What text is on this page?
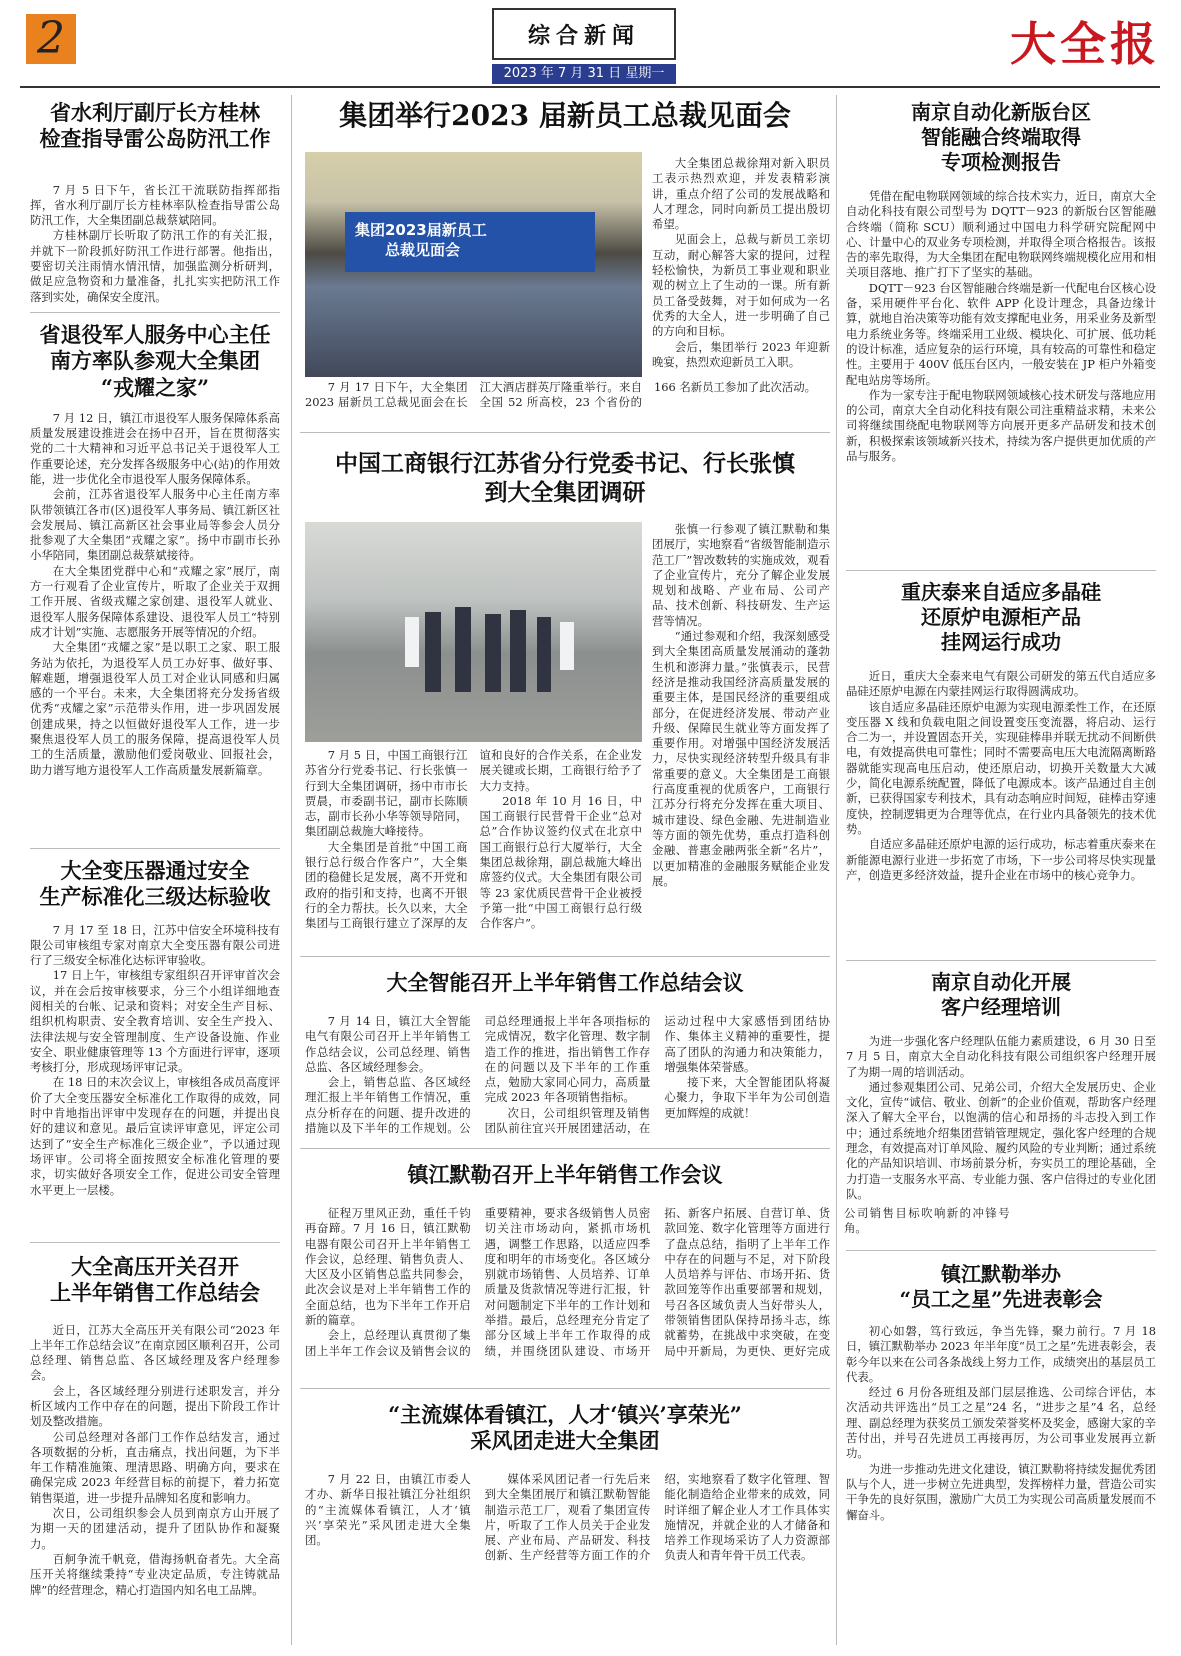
2	综合新闻
2023 年 7 月 31 日 星期一
大全报
省水利厅副厅长方桂林
检查指导雷公岛防汛工作

7 月 5 日下午，省长江干流联防指挥部指挥，省水利厅副厅长方桂林率队检查指导雷公岛防汛工作，大全集团副总裁蔡斌陪同。

方桂林副厅长听取了防汛工作的有关汇报，并就下一阶段抓好防汛工作进行部署。他指出，要密切关注雨情水情汛情，加强监测分析研判，做足应急物资和力量准备，扎扎实实把防汛工作落到实处，确保安全度汛。

省退役军人服务中心主任
南方率队参观大全集团
“戎耀之家”

7 月 12 日，镇江市退役军人服务保障体系高质量发展建设推进会在扬中召开，旨在贯彻落实党的二十大精神和习近平总书记关于退役军人工作重要论述，充分发挥各级服务中心(站)的作用效能，进一步优化全市退役军人服务保障体系。

会前，江苏省退役军人服务中心主任南方率队带领镇江各市(区)退役军人事务局、镇江新区社会发展局、镇江高新区社会事业局等参会人员分批参观了大全集团“戎耀之家”。扬中市副市长孙小华陪同，集团副总裁蔡斌接待。

在大全集团党群中心和“戎耀之家”展厅，南方一行观看了企业宣传片，听取了企业关于双拥工作开展、省级戎耀之家创建、退役军人就业、退役军人服务保障体系建设、退役军人员工“特别成才计划”实施、志愿服务开展等情况的介绍。

大全集团“戎耀之家”是以职工之家、职工服务站为依托，为退役军人员工办好事、做好事、解难题，增强退役军人员工对企业认同感和归属感的一个平台。未来，大全集团将充分发扬省级优秀“戎耀之家”示范带头作用，进一步巩固发展创建成果，持之以恒做好退役军人工作，进一步聚焦退役军人员工的服务保障，提高退役军人员工的生活质量，激励他们爱岗敬业、回报社会，助力谱写地方退役军人工作高质量发展新篇章。

大全变压器通过安全
生产标准化三级达标验收

7 月 17 至 18 日，江苏中信安全环境科技有限公司审核组专家对南京大全变压器有限公司进行了三级安全标准化达标评审验收。

17 日上午，审核组专家组织召开评审首次会议，并在会后按审核要求，分三个小组详细地查阅相关的台帐、记录和资料；对安全生产目标、组织机构职责、安全教育培训、安全生产投入、法律法规与安全管理制度、生产设备设施、作业安全、职业健康管理等 13 个方面进行评审，逐项考核打分，形成现场评审记录。

在 18 日的末次会议上，审核组各成员高度评价了大全变压器安全标准化工作取得的成效，同时中肯地指出评审中发现存在的问题，并提出良好的建议和意见。最后宣读评审意见，评定公司达到了“安全生产标准化三级企业”，予以通过现场评审。公司将全面按照安全标准化管理的要求，切实做好各项安全工作，促进公司安全管理水平更上一层楼。

大全高压开关召开
上半年销售工作总结会

近日，江苏大全高压开关有限公司“2023 年上半年工作总结会议”在南京园区顺利召开，公司总经理、销售总监、各区域经理及客户经理参会。

会上，各区域经理分别进行述职发言，并分析区域内工作中存在的问题，提出下阶段工作计划及整改措施。

公司总经理对各部门工作作总结发言，通过各项数据的分析，直击痛点，找出问题，为下半年工作精准施策、理清思路、明确方向，要求在确保完成 2023 年经营目标的前提下，着力拓宽销售渠道，进一步提升品牌知名度和影响力。

次日，公司组织参会人员到南京方山开展了为期一天的团建活动，提升了团队协作和凝聚力。

百舸争流千帆竞，借海扬帆奋者先。大全高压开关将继续秉持“专业决定品质，专注铸就品牌”的经营理念，精心打造国内知名电工品牌。

集团举行2023 届新员工总裁见面会
集团2023届新员工
总裁见面会

7 月 17 日下午，大全集团 2023 届新员工总裁见面会在长江大酒店群英厅隆重举行。来自全国 52 所高校，23 个省份的 166 名新员工参加了此次活动。

大全集团总裁徐翔对新入职员工表示热烈欢迎，并发表精彩演讲，重点介绍了公司的发展战略和人才理念，同时向新员工提出殷切希望。

见面会上，总裁与新员工亲切互动，耐心解答大家的提问，过程轻松愉快，为新员工事业观和职业观的树立上了生动的一课。所有新员工备受鼓舞，对于如何成为一名优秀的大全人，进一步明确了自己的方向和目标。

会后，集团举行 2023 年迎新晚宴，热烈欢迎新员工入职。

中国工商银行江苏省分行党委书记、行长张慎
到大全集团调研

7 月 5 日，中国工商银行江苏省分行党委书记、行长张慎一行到大全集团调研，扬中市市长贾晨，市委副书记，副市长陈顺志，副市长孙小华等领导陪同，集团副总裁施大峰接待。

大全集团是首批“中国工商银行总行级合作客户”，大全集团的稳健长足发展，离不开党和政府的指引和支持，也离不开银行的全力帮扶。长久以来，大全集团与工商银行建立了深厚的友谊和良好的合作关系，在企业发展关键或长期，工商银行给予了大力支持。

2018 年 10 月 16 日，中国工商银行民营骨干企业“总对总”合作协议签约仪式在北京中国工商银行总行大厦举行，大全集团总裁徐翔，副总裁施大峰出席签约仪式。大全集团有限公司等 23 家优质民营骨干企业被授予第一批“中国工商银行总行级合作客户”。

张慎一行参观了镇江默勒和集团展厅，实地察看“省级智能制造示范工厂”智改数转的实施成效，观看了企业宣传片，充分了解企业发展规划和战略、产业布局、公司产品、技术创新、科技研发、生产运营等情况。

“通过参观和介绍，我深刻感受到大全集团高质量发展涌动的蓬勃生机和澎湃力量。”张慎表示，民营经济是推动我国经济高质量发展的重要主体，是国民经济的重要组成部分，在促进经济发展、带动产业升级、保障民生就业等方面发挥了重要作用。对增强中国经济发展活力，尽快实现经济转型升级具有非常重要的意义。大全集团是工商银行高度重视的优质客户，工商银行江苏分行将充分发挥在重大项目、城市建设、绿色金融、先进制造业等方面的领先优势，重点打造科创金融、普惠金融两张全新“名片”，以更加精准的金融服务赋能企业发展。

大全智能召开上半年销售工作总结会议

7 月 14 日，镇江大全智能电气有限公司召开上半年销售工作总结会议，公司总经理、销售总监、各区域经理参会。

会上，销售总监、各区域经理汇报上半年销售工作情况，重点分析存在的问题、提升改进的措施以及下半年的工作规划。公司总经理通报上半年各项指标的完成情况，数字化管理、数字制造工作的推进，指出销售工作存在的问题以及下半年的工作重点，勉励大家同心同力，高质量完成 2023 年各项销售指标。

次日，公司组织管理及销售团队前往宜兴开展团建活动，在运动过程中大家感悟到团结协作、集体主义精神的重要性，提高了团队的沟通力和决策能力，增强集体荣誉感。

接下来，大全智能团队将凝心聚力，争取下半年为公司创造更加辉煌的成就！

镇江默勒召开上半年销售工作会议

征程万里风正劲，重任千钧再奋蹄。7 月 16 日，镇江默勒电器有限公司召开上半年销售工作会议，总经理、销售负责人、大区及小区销售总监共同参会，此次会议是对上半年销售工作的全面总结，也为下半年工作开启新的篇章。

会上，总经理认真贯彻了集团上半年工作会议及销售会议的重要精神，要求各级销售人员密切关注市场动向，紧抓市场机遇，调整工作思路，以适应四季度和明年的市场变化。各区域分别就市场销售、人员培养、订单质量及货款情况等进行汇报，针对问题制定下半年的工作计划和举措。最后，总经理充分肯定了部分区域上半年工作取得的成绩，并围绕团队建设、市场开拓、新客户拓展、自营订单、货款回笼、数字化管理等方面进行了盘点总结，指明了上半年工作中存在的问题与不足，对下阶段人员培养与评估、市场开拓、货款回笼等作出重要部署和规划，号召各区域负责人当好带头人，带领销售团队保持昂扬斗志，练就蓄势，在挑战中求突破，在变局中开新局，为更快、更好完成公司销售目标吹响新的冲锋号角。

“主流媒体看镇江，人才‘镇兴’享荣光”
采风团走进大全集团

7 月 22 日，由镇江市委人才办、新华日报社镇江分社组织的“主流媒体看镇江，人才‘镇兴’享荣光”采风团走进大全集团。

媒体采风团记者一行先后来到大全集团展厅和镇江默勒智能制造示范工厂，观看了集团宣传片，听取了工作人员关于企业发展、产业布局、产品研发、科技创新、生产经营等方面工作的介绍，实地察看了数字化管理、智能化制造给企业带来的成效，同时详细了解企业人才工作具体实施情况，并就企业的人才储备和培养工作现场采访了人力资源部负责人和青年骨干员工代表。

南京自动化新版台区
智能融合终端取得
专项检测报告

凭借在配电物联网领域的综合技术实力，近日，南京大全自动化科技有限公司型号为 DQTT－923 的新版台区智能融合终端（简称 SCU）顺利通过中国电力科学研究院配网中心、计量中心的双业务专项检测，并取得全项合格报告。该报告的率先取得，为大全集团在配电物联网终端规模化应用和相关项目落地、推广打下了坚实的基础。

DQTT－923 台区智能融合终端是新一代配电台区核心设备，采用硬件平台化、软件 APP 化设计理念，具备边缘计算，就地自治决策等功能有效支撑配电业务，用采业务及新型电力系统业务等。终端采用工业级、模块化、可扩展、低功耗的设计标准，适应复杂的运行环境，具有较高的可靠性和稳定性。主要用于 400V 低压台区内，一般安装在 JP 柜户外箱变配电站房等场所。

作为一家专注于配电物联网领域核心技术研发与落地应用的公司，南京大全自动化科技有限公司注重精益求精，未来公司将继续围绕配电物联网等方向展开更多产品研发和技术创新，积极探索该领域新兴技术，持续为客户提供更加优质的产品与服务。

重庆泰来自适应多晶硅
还原炉电源柜产品
挂网运行成功

近日，重庆大全泰来电气有限公司研发的第五代自适应多晶硅还原炉电源在内蒙挂网运行取得圆满成功。

该自适应多晶硅还原炉电源为实现电源柔性工作，在还原变压器 X 线和负载电阻之间设置变压变流器，将启动、运行合二为一，并设置固态开关，实现硅棒串并联无扰动不间断供电，有效提高供电可靠性；同时不需要高电压大电流隔离断路器就能实现高电压启动，使还原启动，切换开关数量大大减少，简化电源系统配置，降低了电源成本。该产品通过自主创新，已获得国家专利技术，具有动态响应时间短，硅棒击穿速度快，控制逻辑更为合理等优点，在行业内具备领先的技术优势。

自适应多晶硅还原炉电源的运行成功，标志着重庆泰来在新能源电源行业进一步拓宽了市场，下一步公司将尽快实现量产，创造更多经济效益，提升企业在市场中的核心竞争力。

南京自动化开展
客户经理培训

为进一步强化客户经理队伍能力素质建设，6 月 30 日至 7 月 5 日，南京大全自动化科技有限公司组织客户经理开展了为期一周的培训活动。

通过参观集团公司、兄弟公司，介绍大全发展历史、企业文化，宣传“诚信、敬业、创新”的企业价值观，帮助客户经理深入了解大全平台，以饱满的信心和昂扬的斗志投入到工作中；通过系统地介绍集团营销管理规定，强化客户经理的合规理念，有效提高对订单风险、履约风险的专业判断；通过系统化的产品知识培训、市场前景分析，夯实员工的理论基础，全力打造一支服务水平高、专业能力强、客户信得过的专业化团队。

镇江默勒举办
“员工之星”先进表彰会

初心如磐，笃行致远，争当先锋，聚力前行。7 月 18 日，镇江默勒举办 2023 年半年度“员工之星”先进表彰会，表彰今年以来在公司各条战线上努力工作，成绩突出的基层员工代表。

经过 6 月份各班组及部门层层推选、公司综合评估，本次活动共评选出“员工之星”24 名，“进步之星”4 名，总经理、副总经理为获奖员工颁发荣誉奖杯及奖金，感谢大家的辛苦付出，并号召先进员工再接再厉，为公司事业发展再立新功。

为进一步推动先进文化建设，镇江默勒将持续发掘优秀团队与个人，进一步树立先进典型，发挥榜样力量，营造公司实干争先的良好氛围，激励广大员工为实现公司高质量发展而不懈奋斗。
